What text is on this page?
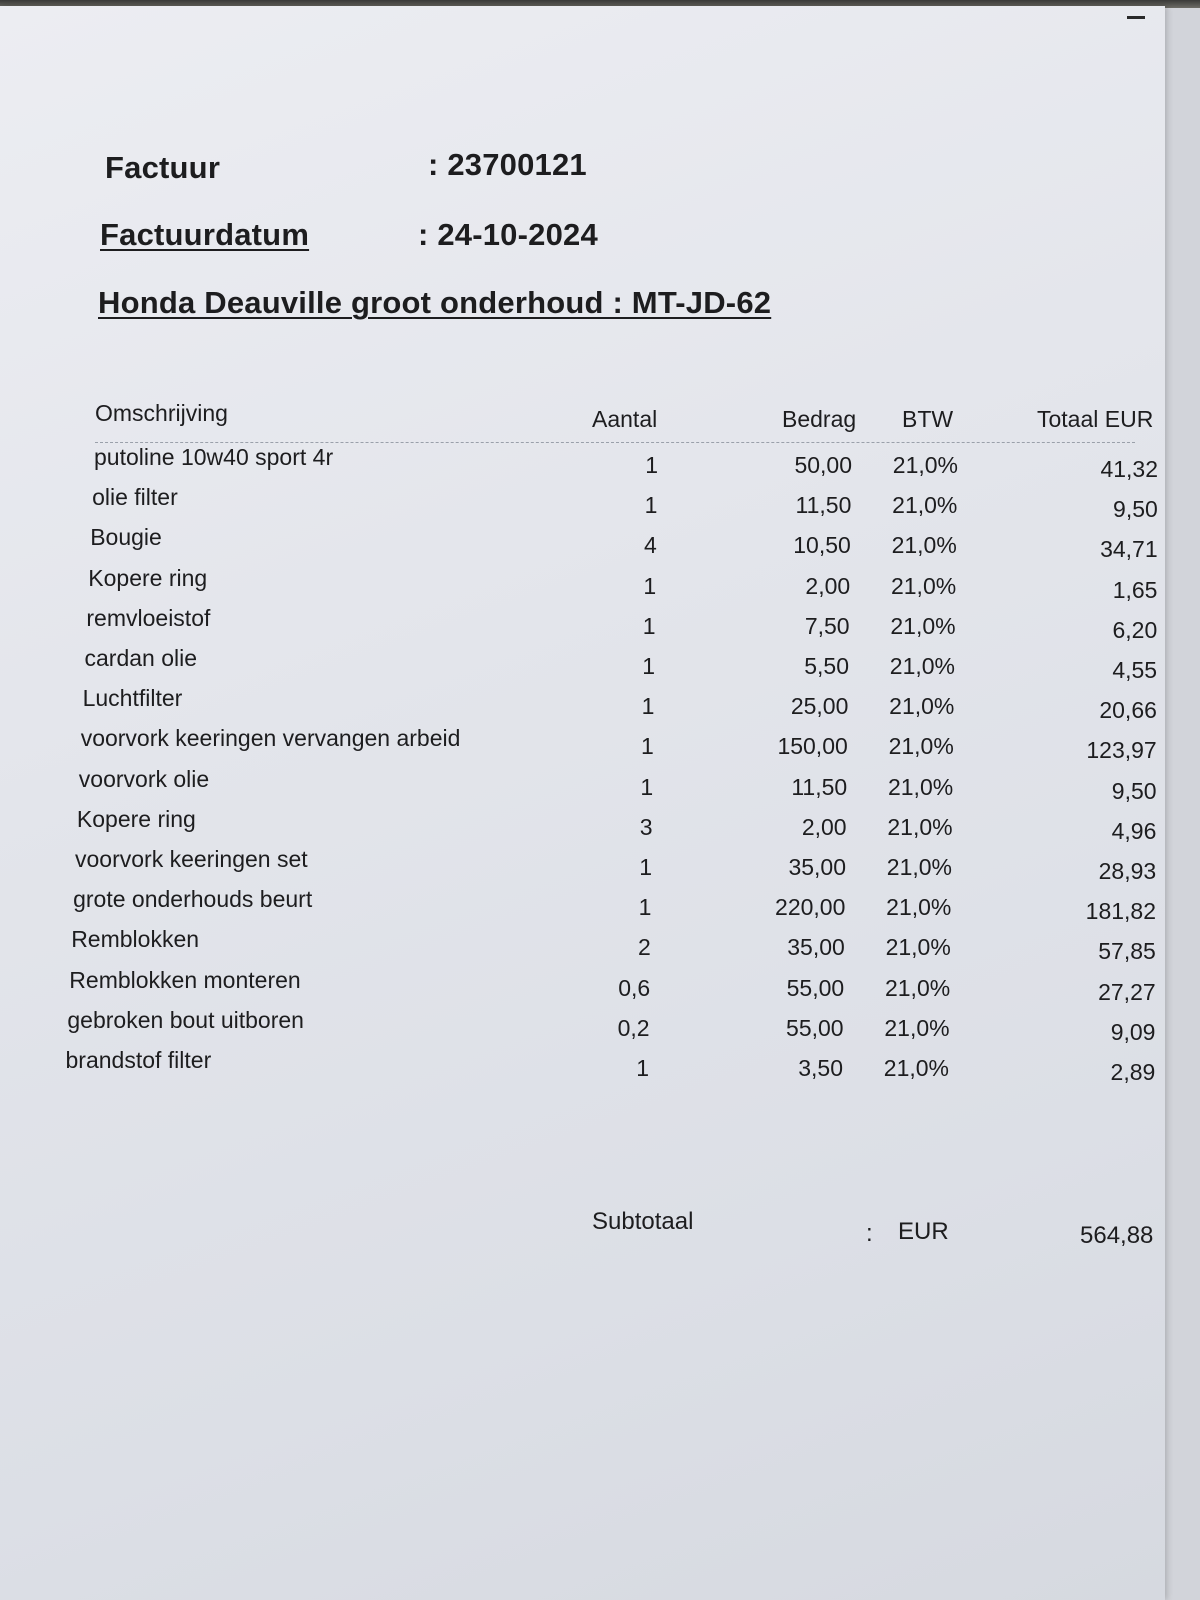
Factuur	: 23700121
Factuurdatum	: 24-10-2024
Honda Deauville groot onderhoud : MT-JD-62
Omschrijving	Aantal	Bedrag BTW	Totaal EUR
putoline 10w40 sport 4r	1	50,00	21,0%	41,32
olie filter	1	11,50	21,0%	9,50
Bougie	4	10,50	21,0%	34,71
Kopere ring	1	2,00	21,0%	1,65
remvloeistof	1	7,50	21,0%	6,20
cardan olie	1	5,50	21,0%	4,55
Luchtfilter	1	25,00	21,0%	20,66
voorvork keeringen vervangen arbeid	1	150,00	21,0%	123,97
voorvork olie	1	11,50	21,0%	9,50
Kopere ring	3	2,00	21,0%	4,96
voorvork keeringen set	1	35,00	21,0%	28,93
grote onderhouds beurt	1	220,00	21,0%	181,82
Remblokken	2	35,00	21,0%	57,85
Remblokken monteren	0,6	55,00	21,0%	27,27
gebroken bout uitboren	0,2	55,00	21,0%	9,09
brandstof filter	1	3,50	21,0%	2,89
Subtotaal	: EUR	564,88
